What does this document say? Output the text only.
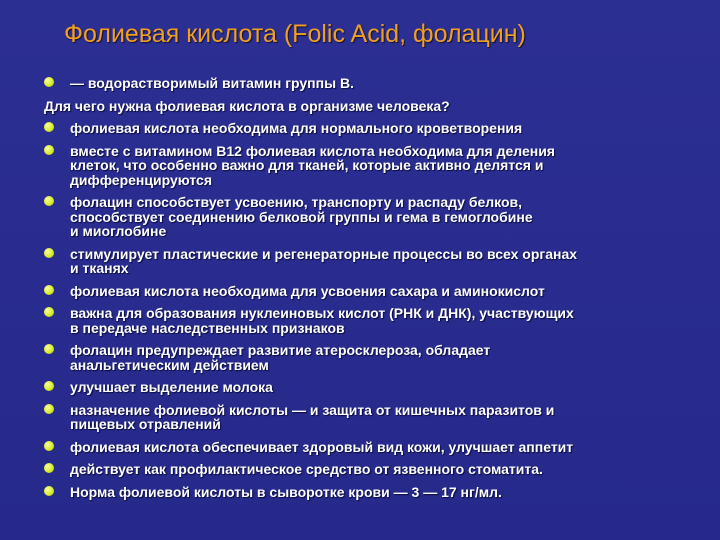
Фолиевая кислота (Folic Acid, фолацин)
— водорастворимый витамин группы В.
Для чего нужна фолиевая кислота в организме человека?
фолиевая кислота необходима для нормального кроветворения
вместе с витамином B12 фолиевая кислота необходима для деления
клеток, что особенно важно для тканей, которые активно делятся и
дифференцируются
фолацин способствует усвоению, транспорту и распаду белков,
способствует соединению белковой группы и гема в гемоглобине
и миоглобине
стимулирует пластические и регенераторные процессы во всех органах
и тканях
фолиевая кислота необходима для усвоения сахара и аминокислот
важна для образования нуклеиновых кислот (РНК и ДНК), участвующих
в передаче наследственных признаков
фолацин предупреждает развитие атеросклероза, обладает
анальгетическим действием
улучшает выделение молока
назначение фолиевой кислоты — и защита от кишечных паразитов и
пищевых отравлений
фолиевая кислота обеспечивает здоровый вид кожи, улучшает аппетит
действует как профилактическое средство от язвенного стоматита.
Норма фолиевой кислоты в сыворотке крови — 3 — 17 нг/мл.
